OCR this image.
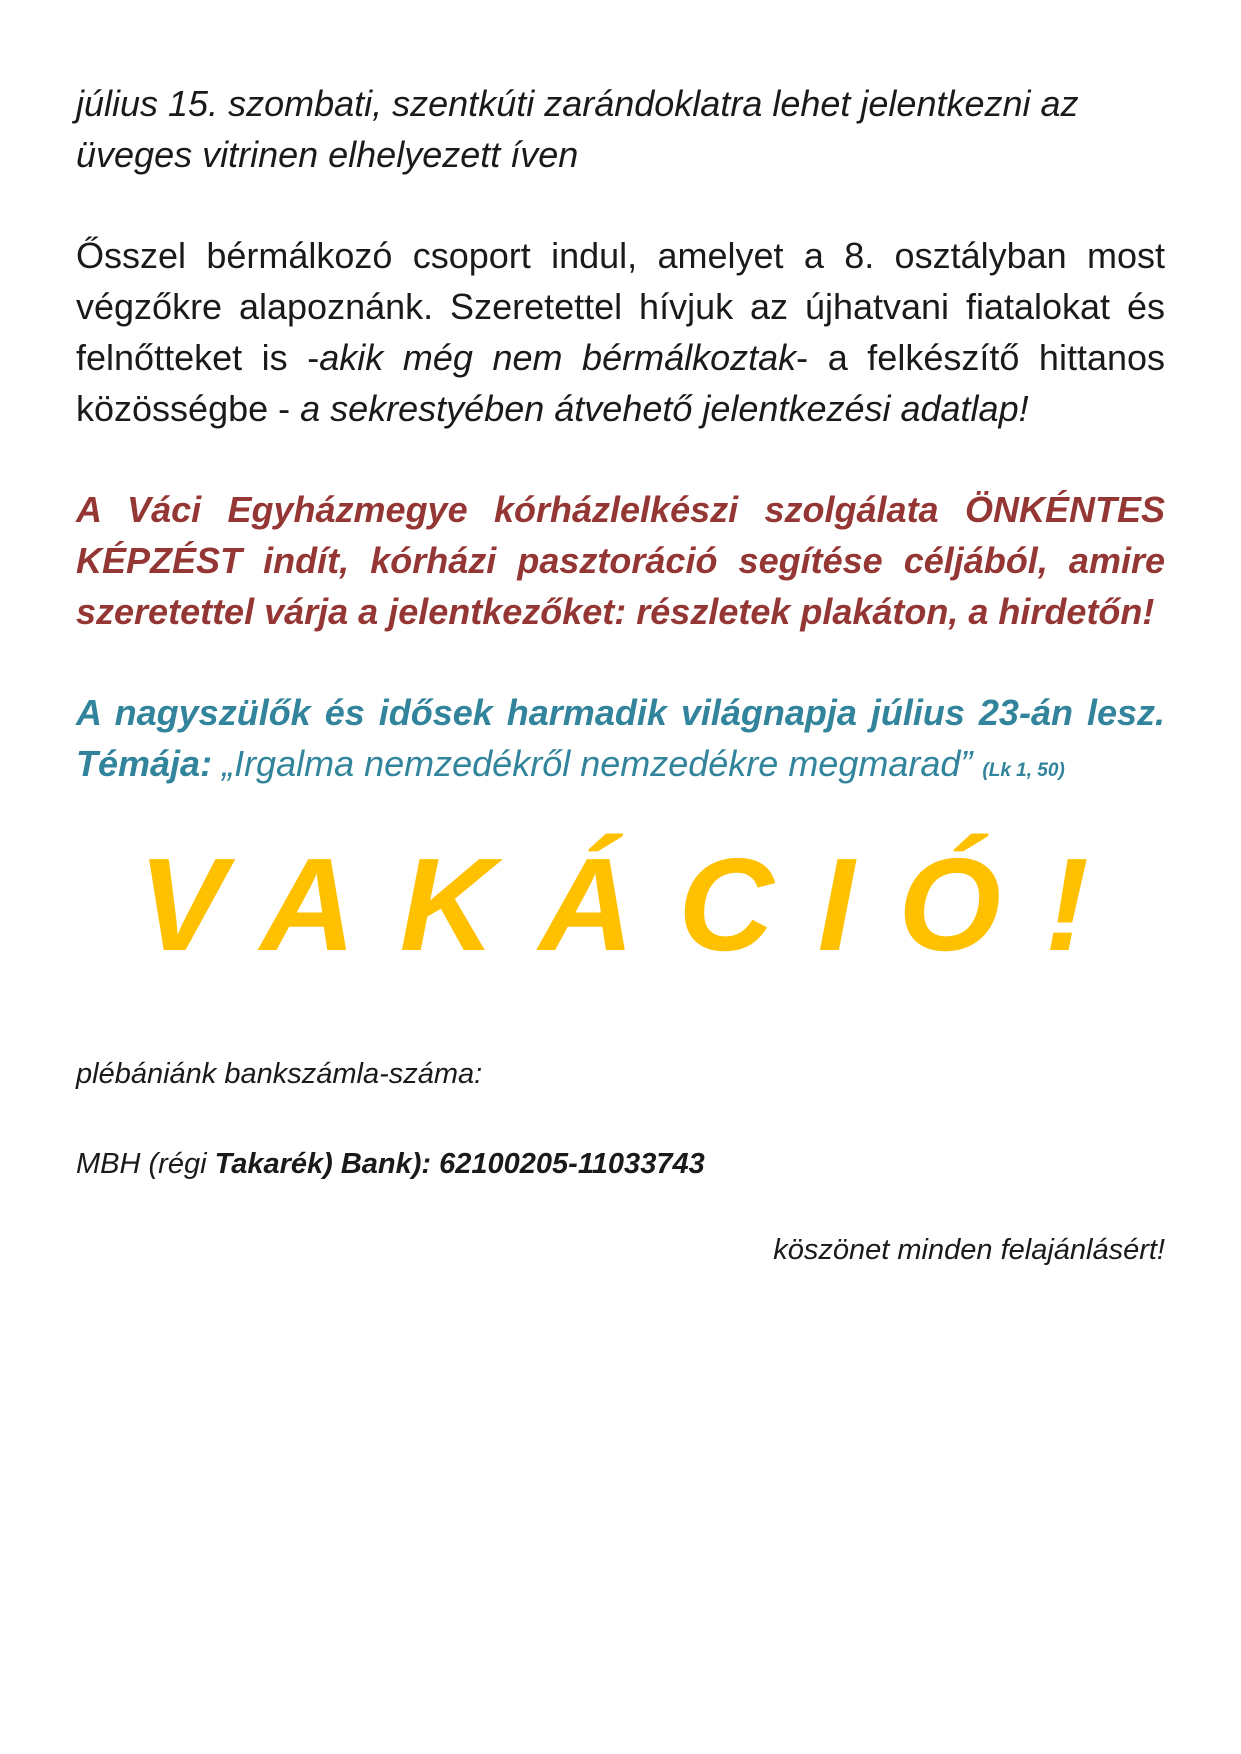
július 15. szombati, szentkúti zarándoklatra lehet jelentkezni az üveges vitrinen elhelyezett íven

Ősszel bérmálkozó csoport indul, amelyet a 8. osztályban most végzőkre alapoznánk. Szeretettel hívjuk az újhatvani fiatalokat és felnőtteket is -akik még nem bérmálkoztak- a felkészítő hittanos közösségbe - a sekrestyében átvehető jelentkezési adatlap!

A Váci Egyházmegye kórházlelkészi szolgálata ÖNKÉNTES KÉPZÉST indít, kórházi pasztoráció segítése céljából, amire szeretettel várja a jelentkezőket: részletek plakáton, a hirdetőn!

A nagyszülők és idősek harmadik világnapja július 23-án lesz. Témája: „Irgalma nemzedékről nemzedékre megmarad” (Lk 1, 50)

VAKÁCIÓ!

plébániánk bankszámla-száma:

MBH (régi Takarék) Bank): 62100205-11033743

köszönet minden felajánlásért!
